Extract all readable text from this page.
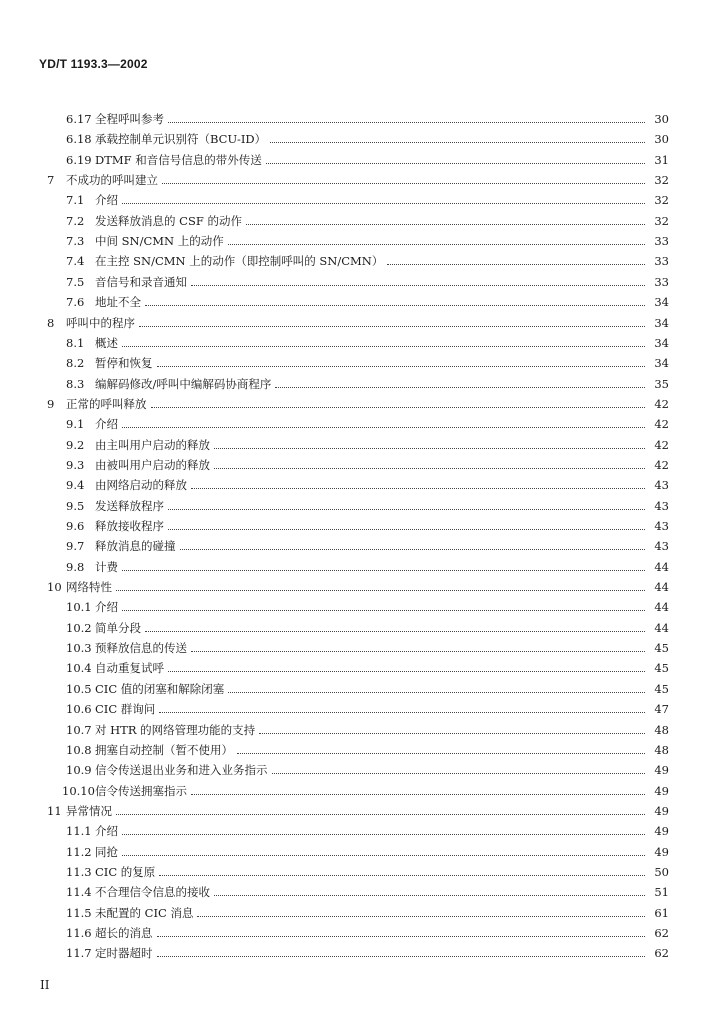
YD/T 1193.3—2002
6.17 全程呼叫参考	30
6.18 承载控制单元识别符（BCU-ID）	30
6.19 DTMF 和音信号信息的带外传送	31
7	不成功的呼叫建立	32
7.1 介绍	32
7.2 发送释放消息的 CSF 的动作	32
7.3 中间 SN/CMN 上的动作	33
7.4 在主控 SN/CMN 上的动作（即控制呼叫的 SN/CMN）	33
7.5 音信号和录音通知	33
7.6 地址不全	34
8	呼叫中的程序	34
8.1 概述	34
8.2 暂停和恢复	34
8.3 编解码修改/呼叫中编解码协商程序	35
9	正常的呼叫释放	42
9.1 介绍	42
9.2 由主叫用户启动的释放	42
9.3 由被叫用户启动的释放	42
9.4 由网络启动的释放	43
9.5 发送释放程序	43
9.6 释放接收程序	43
9.7 释放消息的碰撞	43
9.8 计费	44
10 网络特性	44
10.1 介绍	44
10.2 简单分段	44
10.3 预释放信息的传送	45
10.4 自动重复试呼	45
10.5 CIC 值的闭塞和解除闭塞	45
10.6 CIC 群询问	47
10.7 对 HTR 的网络管理功能的支持	48
10.8 拥塞自动控制（暂不使用）	48
10.9 信令传送退出业务和进入业务指示	49
10.10 信令传送拥塞指示	49
11 异常情况	49
11.1 介绍	49
11.2 同抢	49
11.3 CIC 的复原	50
11.4 不合理信令信息的接收	51
11.5 未配置的 CIC 消息	61
11.6 超长的消息	62
11.7 定时器超时	62
II
